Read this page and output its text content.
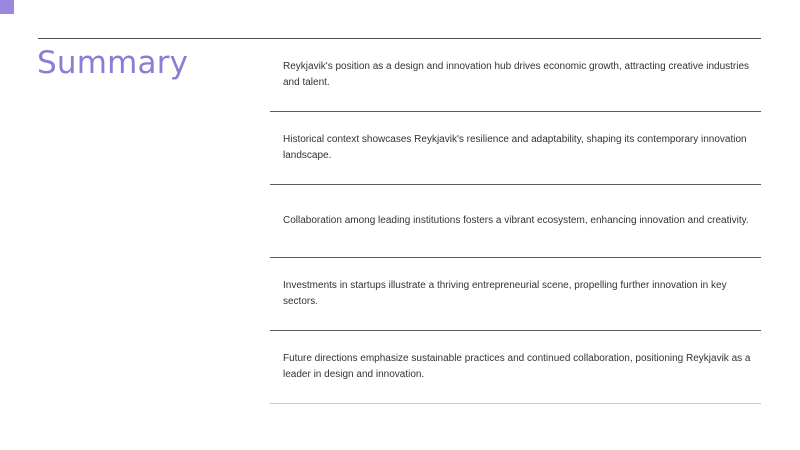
Summary	Reykjavik's position as a design and innovation hub drives economic growth, attracting creative industries and talent.
Historical context showcases Reykjavik's resilience and adaptability, shaping its contemporary innovation landscape.
Collaboration among leading institutions fosters a vibrant ecosystem, enhancing innovation and creativity.
Investments in startups illustrate a thriving entrepreneurial scene, propelling further innovation in key sectors.
Future directions emphasize sustainable practices and continued collaboration, positioning Reykjavik as a leader in design and innovation.
